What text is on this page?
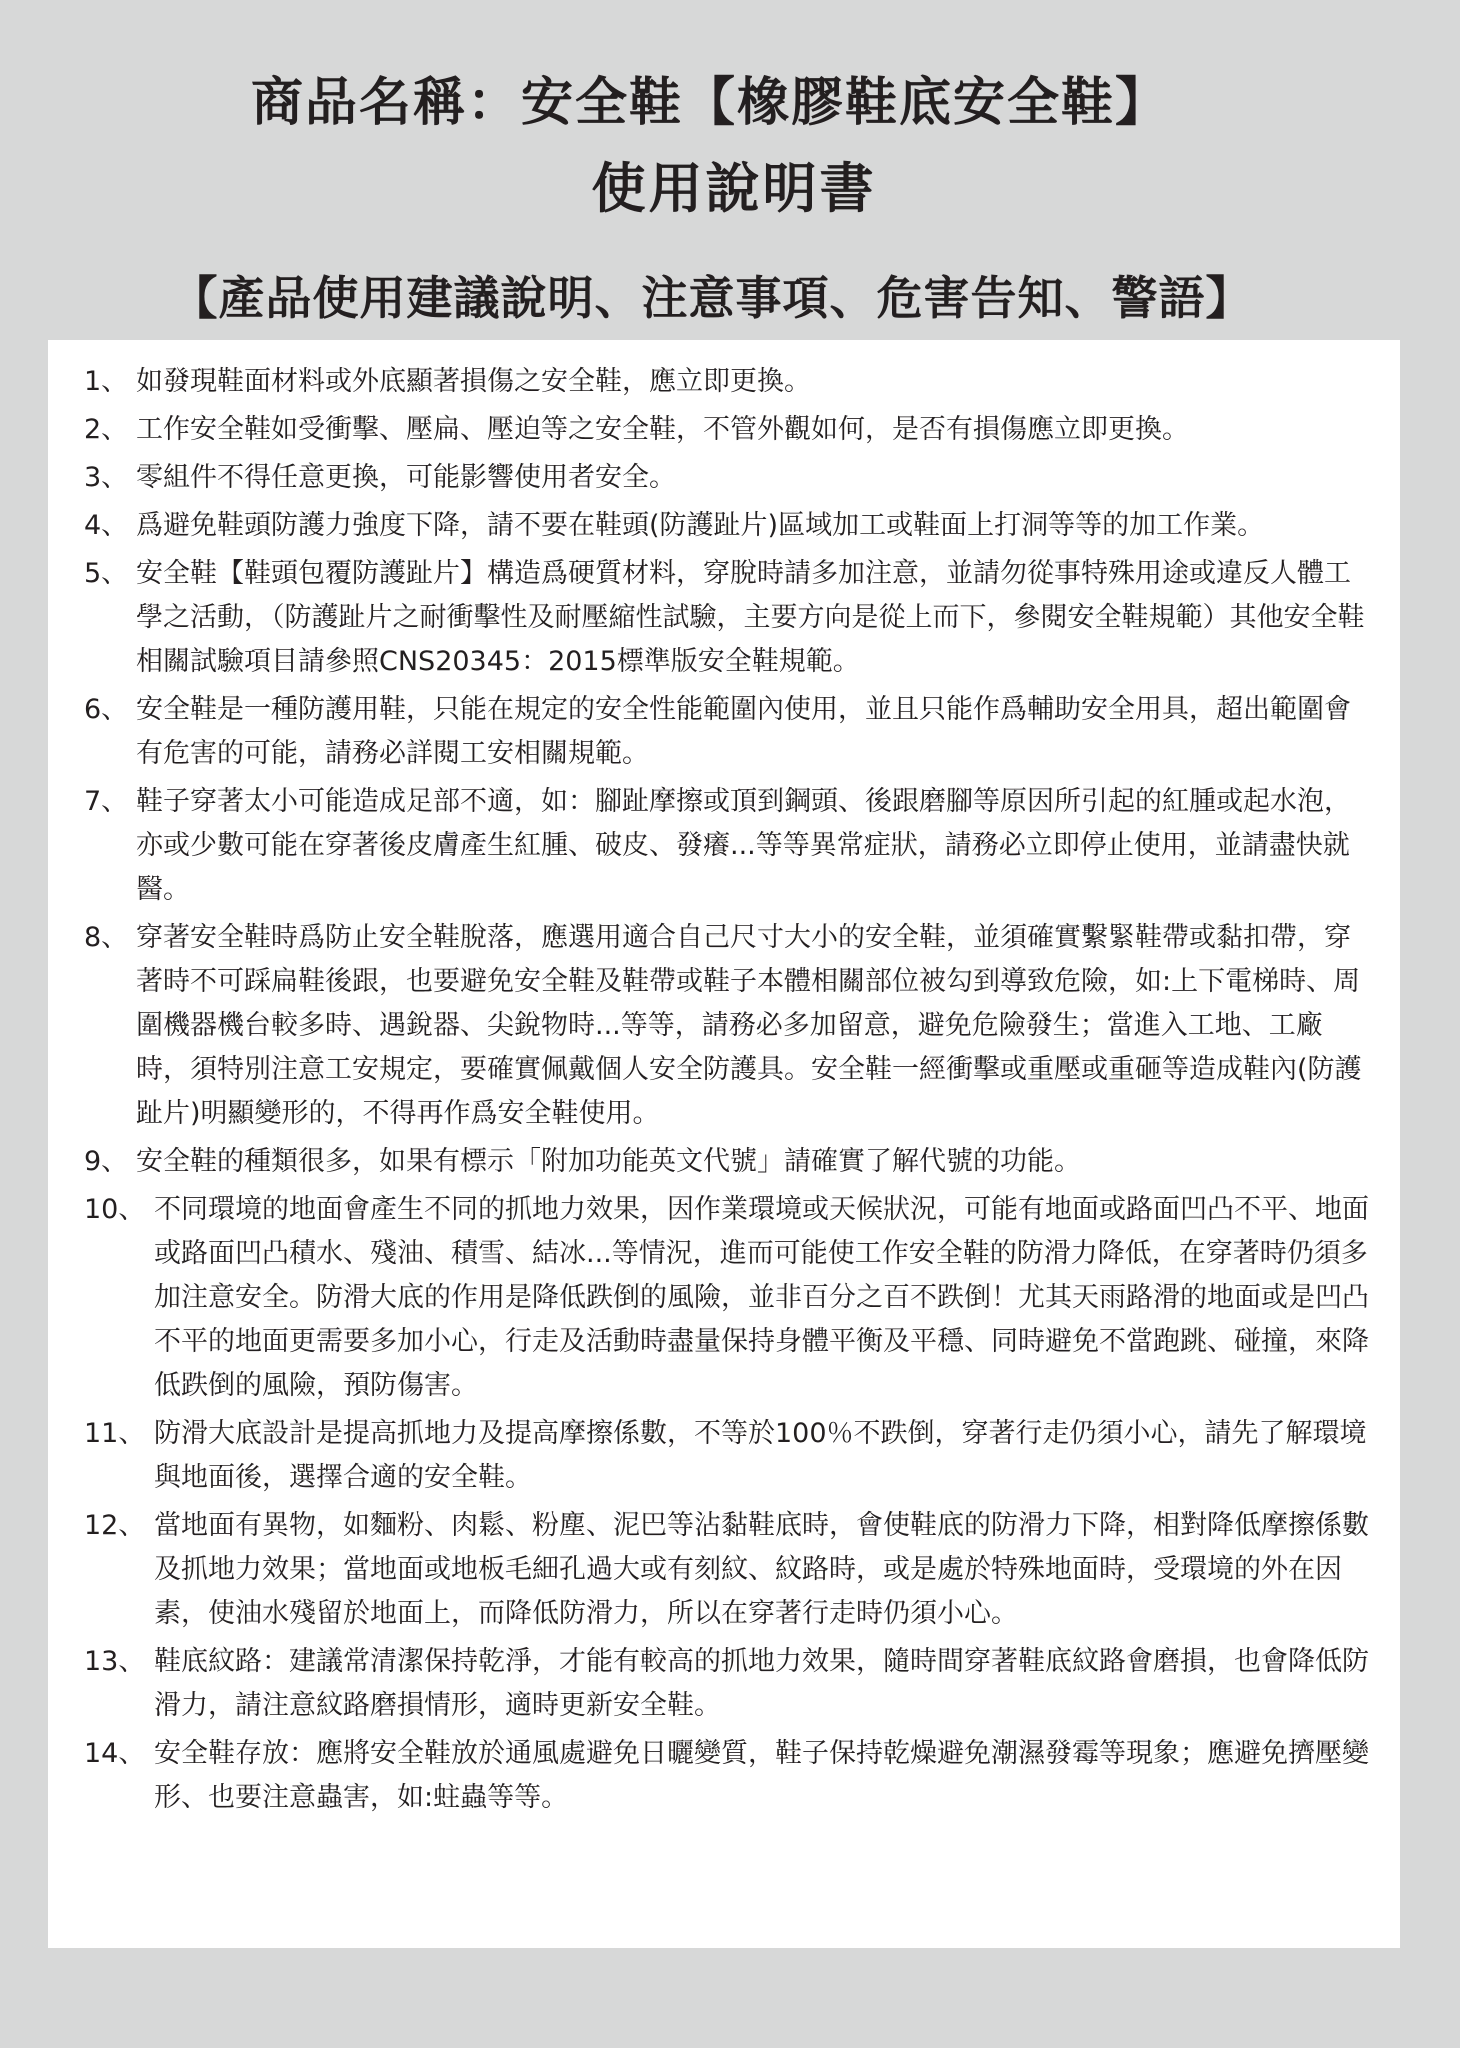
商品名稱：安全鞋【橡膠鞋底安全鞋】
使用說明書
【產品使用建議說明、注意事項、危害告知、警語】
1、 如發現鞋面材料或外底顯著損傷之安全鞋，應立即更換。
2、 工作安全鞋如受衝擊、壓扁、壓迫等之安全鞋，不管外觀如何，是否有損傷應立即更換。
3、 零組件不得任意更換，可能影響使用者安全。
4、 爲避免鞋頭防護力強度下降，請不要在鞋頭(防護趾片)區域加工或鞋面上打洞等等的加工作業。
5、 安全鞋【鞋頭包覆防護趾片】構造爲硬質材料，穿脫時請多加注意，並請勿從事特殊用途或違反人體工學之活動，（防護趾片之耐衝擊性及耐壓縮性試驗，主要方向是從上而下，參閱安全鞋規範）其他安全鞋相關試驗項目請參照CNS20345：2015標準版安全鞋規範。
6、 安全鞋是一種防護用鞋，只能在規定的安全性能範圍內使用，並且只能作爲輔助安全用具，超出範圍會有危害的可能，請務必詳閱工安相關規範。
7、 鞋子穿著太小可能造成足部不適，如：腳趾摩擦或頂到鋼頭、後跟磨腳等原因所引起的紅腫或起水泡，亦或少數可能在穿著後皮膚產生紅腫、破皮、發癢...等等異常症狀，請務必立即停止使用，並請盡快就醫。
8、 穿著安全鞋時爲防止安全鞋脫落，應選用適合自己尺寸大小的安全鞋，並須確實繫緊鞋帶或黏扣帶，穿著時不可踩扁鞋後跟，也要避免安全鞋及鞋帶或鞋子本體相關部位被勾到導致危險，如:上下電梯時、周圍機器機台較多時、遇銳器、尖銳物時...等等，請務必多加留意，避免危險發生；當進入工地、工廠時，須特別注意工安規定，要確實佩戴個人安全防護具。安全鞋一經衝擊或重壓或重砸等造成鞋內(防護趾片)明顯變形的，不得再作爲安全鞋使用。
9、 安全鞋的種類很多，如果有標示「附加功能英文代號」請確實了解代號的功能。
10、 不同環境的地面會產生不同的抓地力效果，因作業環境或天候狀況，可能有地面或路面凹凸不平、地面或路面凹凸積水、殘油、積雪、結冰...等情況，進而可能使工作安全鞋的防滑力降低，在穿著時仍須多加注意安全。防滑大底的作用是降低跌倒的風險，並非百分之百不跌倒！尤其天雨路滑的地面或是凹凸不平的地面更需要多加小心，行走及活動時盡量保持身體平衡及平穩、同時避免不當跑跳、碰撞，來降低跌倒的風險，預防傷害。
11、 防滑大底設計是提高抓地力及提高摩擦係數，不等於100％不跌倒，穿著行走仍須小心，請先了解環境與地面後，選擇合適的安全鞋。
12、 當地面有異物，如麵粉、肉鬆、粉塵、泥巴等沾黏鞋底時，會使鞋底的防滑力下降，相對降低摩擦係數及抓地力效果；當地面或地板毛細孔過大或有刻紋、紋路時，或是處於特殊地面時，受環境的外在因素，使油水殘留於地面上，而降低防滑力，所以在穿著行走時仍須小心。
13、 鞋底紋路：建議常清潔保持乾淨，才能有較高的抓地力效果，隨時間穿著鞋底紋路會磨損，也會降低防滑力，請注意紋路磨損情形，適時更新安全鞋。
14、 安全鞋存放：應將安全鞋放於通風處避免日曬變質，鞋子保持乾燥避免潮濕發霉等現象；應避免擠壓變形、也要注意蟲害，如:蛀蟲等等。
